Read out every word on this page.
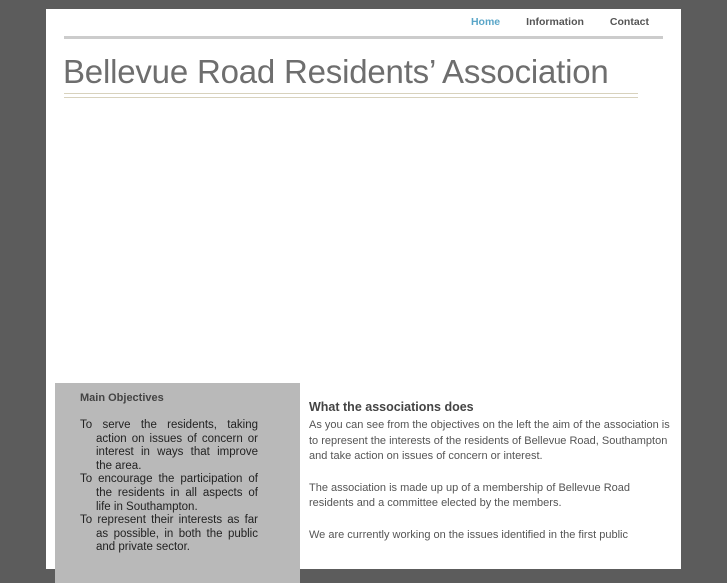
Home Information Contact
Bellevue Road Residents’ Association
Main Objectives
To serve the residents, taking action on issues of concern or interest in ways that improve the area.
To encourage the participation of the residents in all aspects of life in Southampton.
To represent their interests as far as possible, in both the public and private sector.
What the associations does

As you can see from the objectives on the left the aim of the association is to represent the interests of the residents of Bellevue Road, Southampton and take action on issues of concern or interest.

The association is made up up of a membership of Bellevue Road residents and a committee elected by the members.

We are currently working on the issues identified in the first public
